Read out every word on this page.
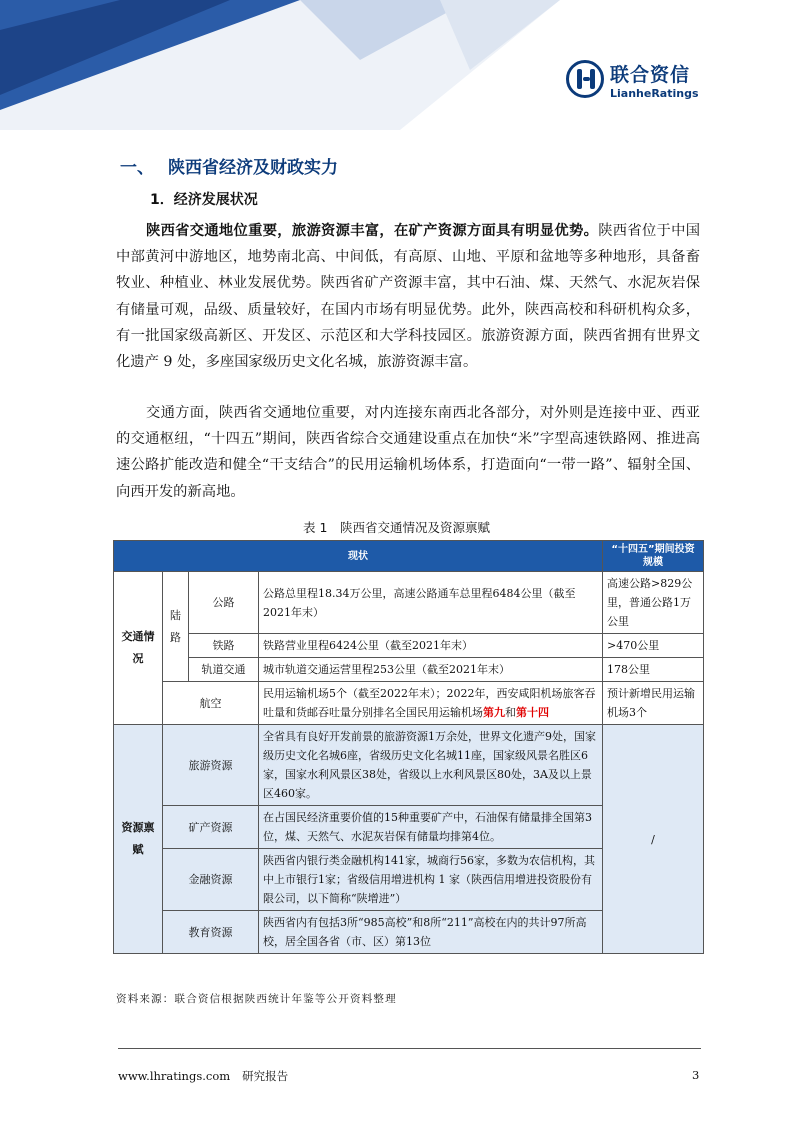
联合资信
LianheRatings
一、 陕西省经济及财政实力
1．经济发展状况
陕西省交通地位重要，旅游资源丰富，在矿产资源方面具有明显优势。陕西省位于中国中部黄河中游地区，地势南北高、中间低，有高原、山地、平原和盆地等多种地形，具备畜牧业、种植业、林业发展优势。陕西省矿产资源丰富，其中石油、煤、天然气、水泥灰岩保有储量可观，品级、质量较好，在国内市场有明显优势。此外，陕西高校和科研机构众多，有一批国家级高新区、开发区、示范区和大学科技园区。旅游资源方面，陕西省拥有世界文化遗产 9 处，多座国家级历史文化名城，旅游资源丰富。
交通方面，陕西省交通地位重要，对内连接东南西北各部分，对外则是连接中亚、西亚的交通枢纽，“十四五”期间，陕西省综合交通建设重点在加快“米”字型高速铁路网、推进高速公路扩能改造和健全“干支结合”的民用运输机场体系，打造面向“一带一路”、辐射全国、向西开发的新高地。
表 1　陕西省交通情况及资源禀赋
现状				“十四五”期间投资规模
交通情况	陆路	公路	公路总里程18.34万公里，高速公路通车总里程6484公里（截至2021年末）	高速公路>829公里，普通公路1万公里
		铁路	铁路营业里程6424公里（截至2021年末）	>470公里
		轨道交通	城市轨道交通运营里程253公里（截至2021年末）	178公里
	航空		民用运输机场5个（截至2022年末）；2022年，西安咸阳机场旅客吞吐量和货邮吞吐量分别排名全国民用运输机场第九和第十四	预计新增民用运输机场3个
资源禀赋	旅游资源		全省具有良好开发前景的旅游资源1万余处，世界文化遗产9处，国家级历史文化名城6座，省级历史文化名城11座，国家级风景名胜区6家，国家水利风景区38处，省级以上水利风景区80处，3A及以上景区460家。	/
	矿产资源		在占国民经济重要价值的15种重要矿产中，石油保有储量排全国第3位，煤、天然气、水泥灰岩保有储量均排第4位。	
	金融资源		陕西省内银行类金融机构141家，城商行56家，多数为农信机构，其中上市银行1家；省级信用增进机构 1 家（陕西信用增进投资股份有限公司，以下简称“陕增进”）	
	教育资源		陕西省内有包括3所“985高校”和8所“211”高校在内的共计97所高校，居全国各省（市、区）第13位	
资料来源：联合资信根据陕西统计年鉴等公开资料整理
www.lhratings.com 研究报告	3
